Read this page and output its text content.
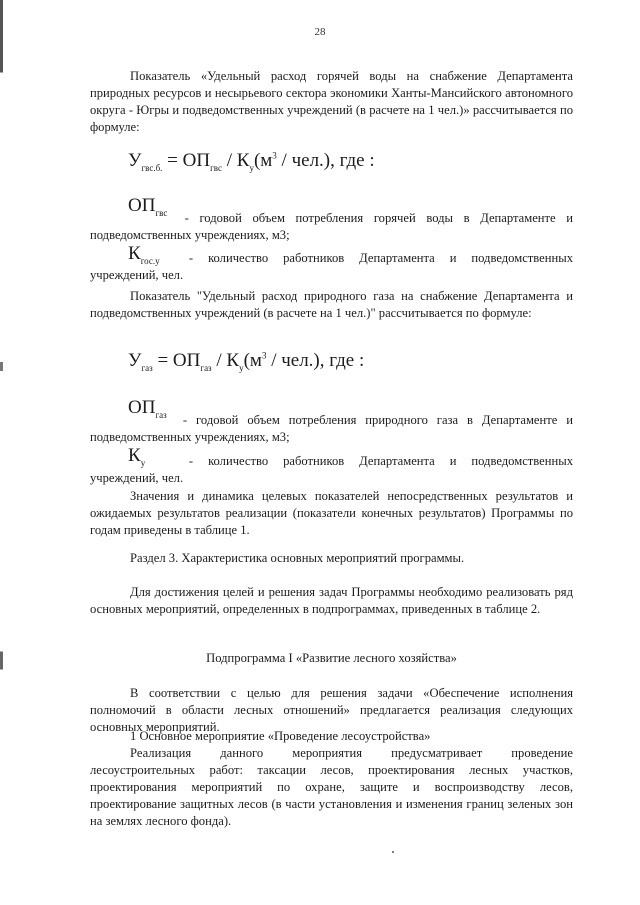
28
Показатель «Удельный расход горячей воды на снабжение Департамента природных ресурсов и несырьевого сектора экономики Ханты-Мансийского автономного округа - Югры и подведомственных учреждений (в расчете на 1 чел.)» рассчитывается по формуле:
$У_{гвс.б.} = ОП_{гвс} / К_у(м^3 / чел.)$, где :
$ОП_{гвс}$ - годовой объем потребления горячей воды в Департаменте и подведомственных учреждениях, м3;
$К_{гос.у}$	- количество работников Департамента и подведомственных учреждений, чел.
Показатель "Удельный расход природного газа на снабжение Департамента и подведомственных учреждений (в расчете на 1 чел.)" рассчитывается по формуле:
$У_{газ} = ОП_{газ} / К_у(м^3 / чел.)$, где :
$ОП_{газ}$ - годовой объем потребления природного газа в Департаменте и подведомственных учреждениях, м3;
$К_у$	- количество работников Департамента и подведомственных учреждений, чел.
Значения и динамика целевых показателей непосредственных результатов и ожидаемых результатов реализации (показатели конечных результатов) Программы по годам приведены в таблице 1.
Раздел 3. Характеристика основных мероприятий программы.
Для достижения целей и решения задач Программы необходимо реализовать ряд основных мероприятий, определенных в подпрограммах, приведенных в таблице 2.
Подпрограмма I «Развитие лесного хозяйства»
В соответствии с целью для решения задачи «Обеспечение исполнения полномочий в области лесных отношений» предлагается реализация следующих основных мероприятий.
1 Основное мероприятие «Проведение лесоустройства»
Реализация данного мероприятия предусматривает проведение лесоустроительных работ: таксации лесов, проектирования лесных участков, проектирования мероприятий по охране, защите и воспроизводству лесов, проектирование защитных лесов (в части установления и изменения границ зеленых зон на землях лесного фонда).
